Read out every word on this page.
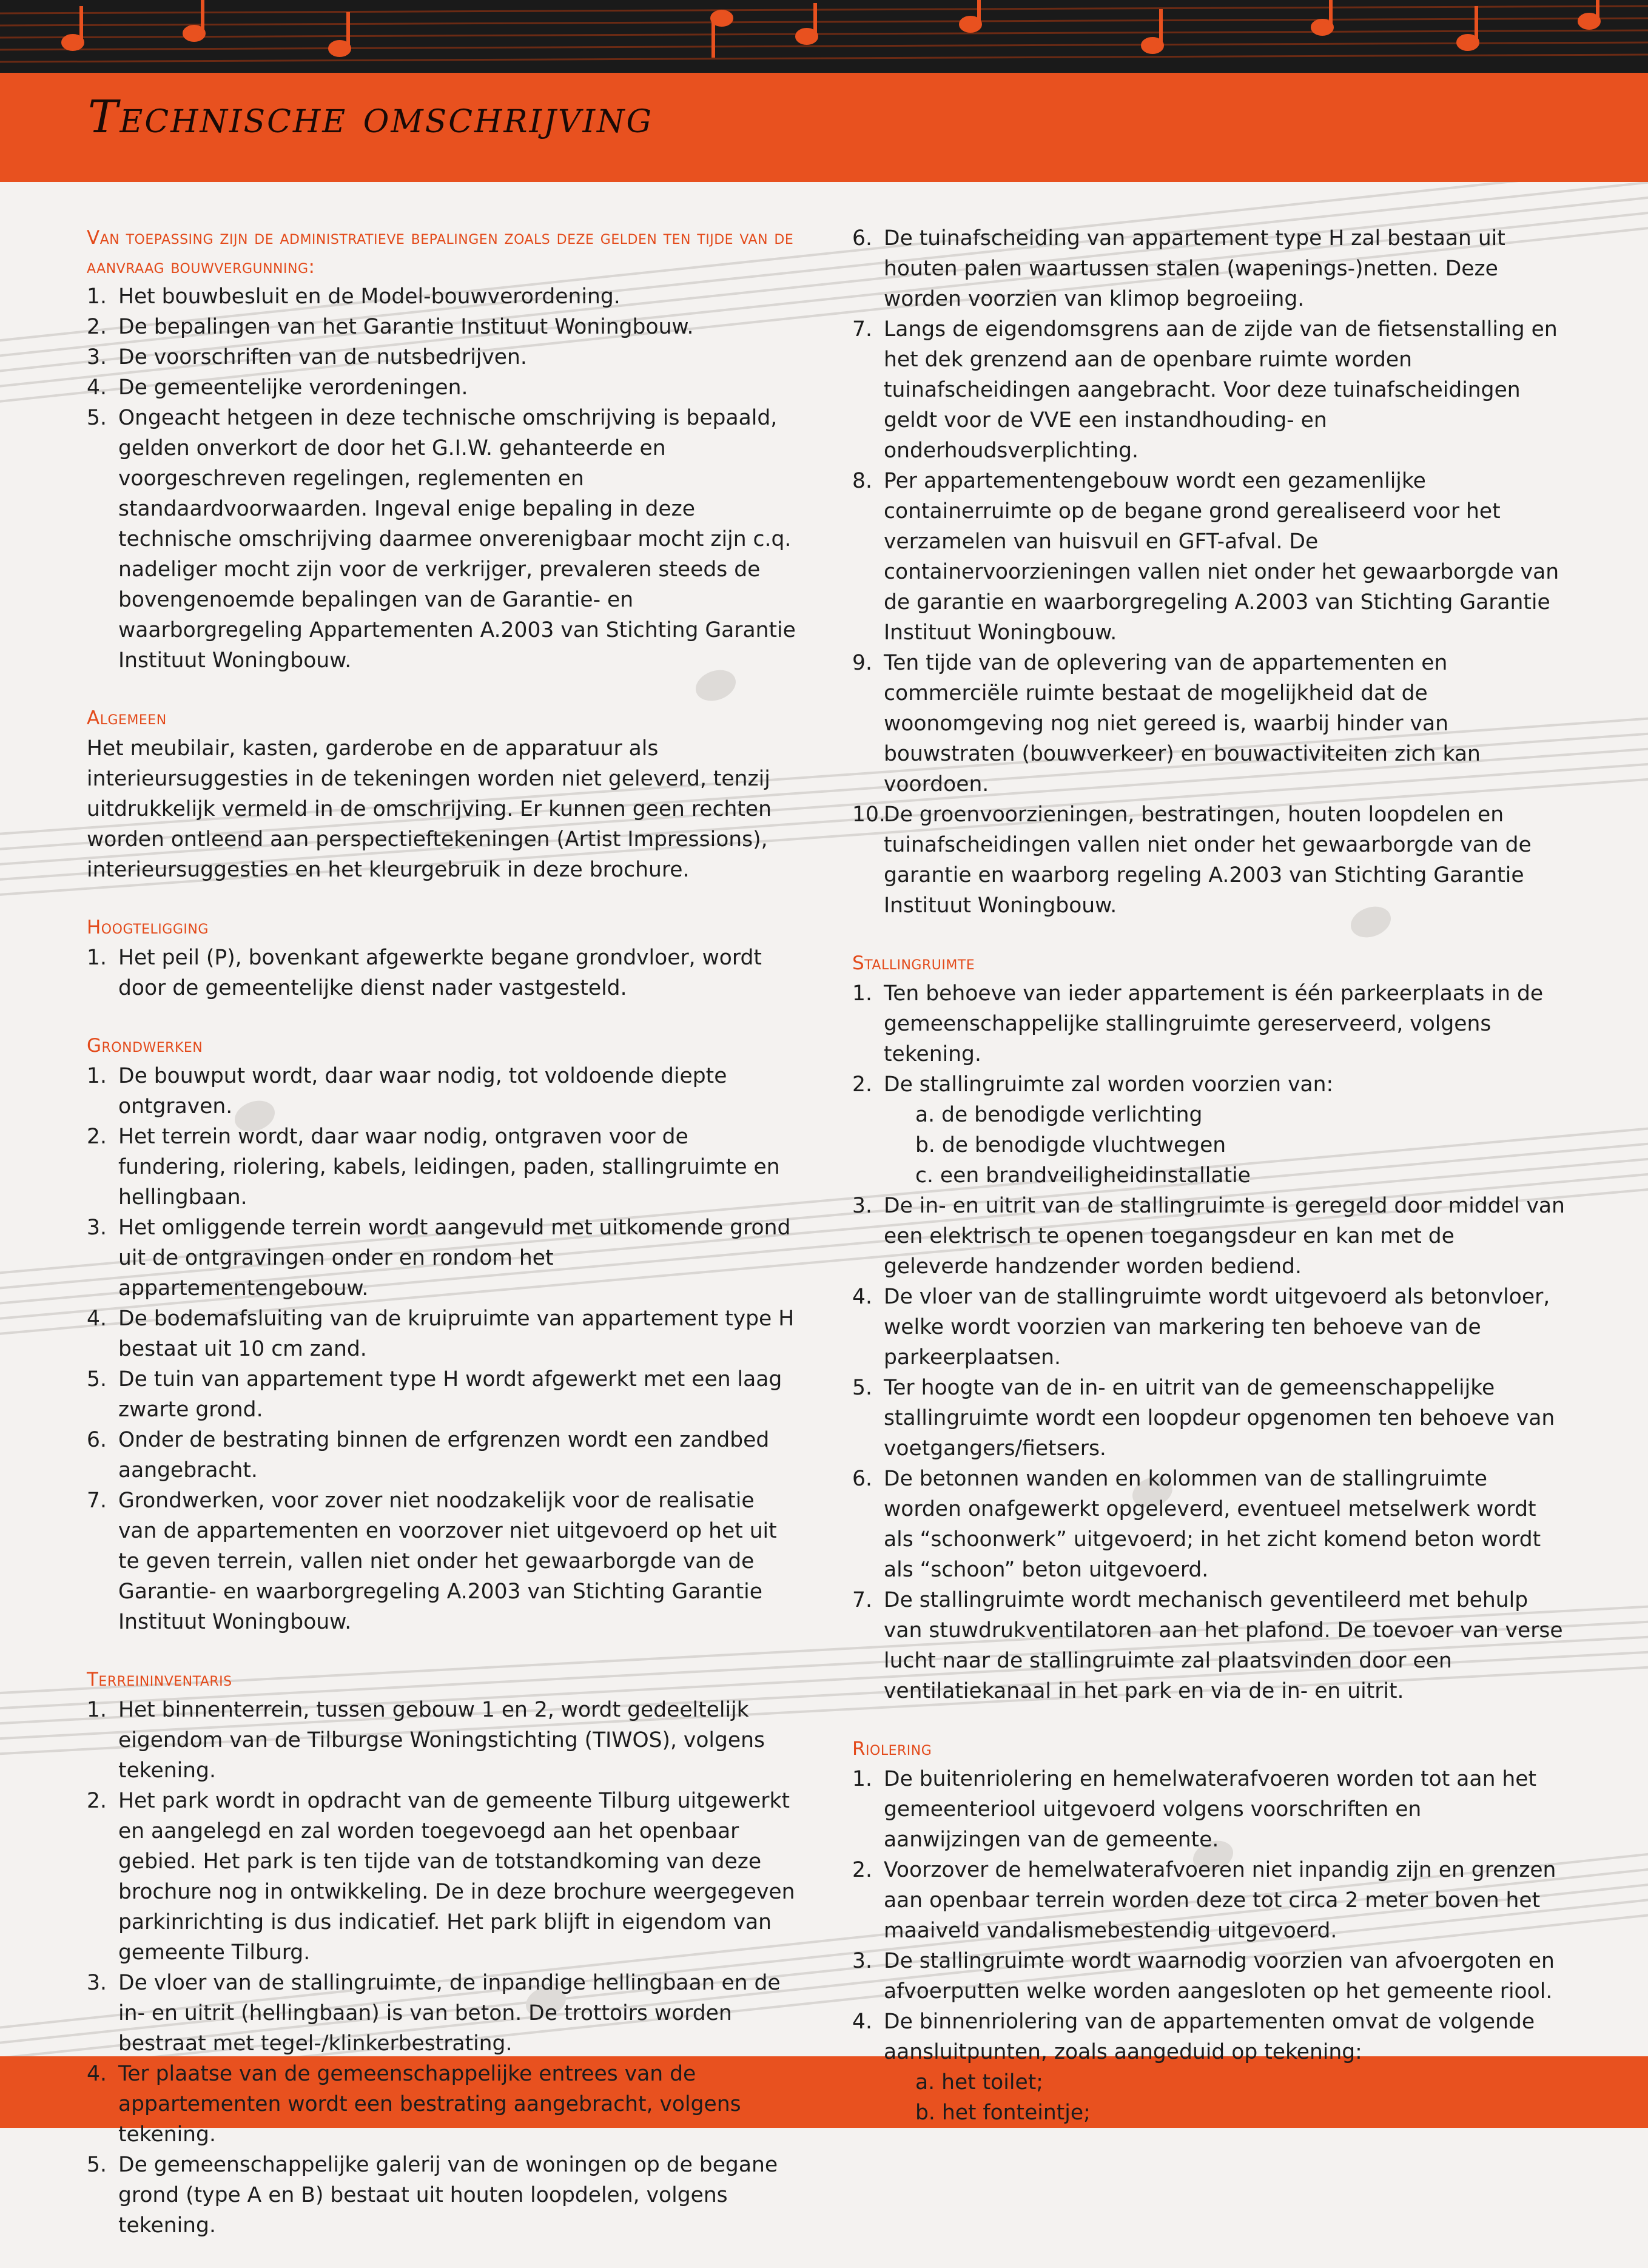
Technische omschrijving
Van toepassing zijn de administratieve bepalingen zoals deze gelden ten tijde van de aanvraag bouwvergunning:
1. Het bouwbesluit en de Model-bouwverordening.
2. De bepalingen van het Garantie Instituut Woningbouw.
3. De voorschriften van de nutsbedrijven.
4. De gemeentelijke verordeningen.
5. Ongeacht hetgeen in deze technische omschrijving is bepaald, gelden onverkort de door het G.I.W. gehanteerde en voorgeschreven regelingen, reglementen en standaardvoorwaarden. Ingeval enige bepaling in deze technische omschrijving daarmee onverenigbaar mocht zijn c.q. nadeliger mocht zijn voor de verkrijger, prevaleren steeds de bovengenoemde bepalingen van de Garantie- en waarborgregeling Appartementen A.2003 van Stichting Garantie Instituut Woningbouw.
Algemeen

Het meubilair, kasten, garderobe en de apparatuur als interieursuggesties in de tekeningen worden niet geleverd, tenzij uitdrukkelijk vermeld in de omschrijving. Er kunnen geen rechten worden ontleend aan perspectieftekeningen (Artist Impressions), interieursuggesties en het kleurgebruik in deze brochure.

Hoogteligging
1. Het peil (P), bovenkant afgewerkte begane grondvloer, wordt door de gemeentelijke dienst nader vastgesteld.
Grondwerken
1. De bouwput wordt, daar waar nodig, tot voldoende diepte ontgraven.
2. Het terrein wordt, daar waar nodig, ontgraven voor de fundering, riolering, kabels, leidingen, paden, stallingruimte en hellingbaan.
3. Het omliggende terrein wordt aangevuld met uitkomende grond uit de ontgravingen onder en rondom het appartementengebouw.
4. De bodemafsluiting van de kruipruimte van appartement type H bestaat uit 10 cm zand.
5. De tuin van appartement type H wordt afgewerkt met een laag zwarte grond.
6. Onder de bestrating binnen de erfgrenzen wordt een zandbed aangebracht.
7. Grondwerken, voor zover niet noodzakelijk voor de realisatie van de appartementen en voorzover niet uitgevoerd op het uit te geven terrein, vallen niet onder het gewaarborgde van de Garantie- en waarborgregeling A.2003 van Stichting Garantie Instituut Woningbouw.
Terreininventaris
1. Het binnenterrein, tussen gebouw 1 en 2, wordt gedeeltelijk eigendom van de Tilburgse Woningstichting (TIWOS), volgens tekening.
2. Het park wordt in opdracht van de gemeente Tilburg uitgewerkt en aangelegd en zal worden toegevoegd aan het openbaar gebied. Het park is ten tijde van de totstandkoming van deze brochure nog in ontwikkeling. De in deze brochure weergegeven parkinrichting is dus indicatief. Het park blijft in eigendom van gemeente Tilburg.
3. De vloer van de stallingruimte, de inpandige hellingbaan en de in- en uitrit (hellingbaan) is van beton. De trottoirs worden bestraat met tegel-/klinkerbestrating.
4. Ter plaatse van de gemeenschappelijke entrees van de appartementen wordt een bestrating aangebracht, volgens tekening.
5. De gemeenschappelijke galerij van de woningen op de begane grond (type A en B) bestaat uit houten loopdelen, volgens tekening.
6. De tuinafscheiding van appartement type H zal bestaan uit houten palen waartussen stalen (wapenings-)netten. Deze worden voorzien van klimop begroeiing.
7. Langs de eigendomsgrens aan de zijde van de fietsenstalling en het dek grenzend aan de openbare ruimte worden tuinafscheidingen aangebracht. Voor deze tuinafscheidingen geldt voor de VVE een instandhouding- en onderhoudsverplichting.
8. Per appartementengebouw wordt een gezamenlijke containerruimte op de begane grond gerealiseerd voor het verzamelen van huisvuil en GFT-afval. De containervoorzieningen vallen niet onder het gewaarborgde van de garantie en waarborgregeling A.2003 van Stichting Garantie Instituut Woningbouw.
9. Ten tijde van de oplevering van de appartementen en commerciële ruimte bestaat de mogelijkheid dat de woonomgeving nog niet gereed is, waarbij hinder van bouwstraten (bouwverkeer) en bouwactiviteiten zich kan voordoen.
10.
De groenvoorzieningen, bestratingen, houten loopdelen en tuinafscheidingen vallen niet onder het gewaarborgde van de garantie en waarborg regeling A.2003 van Stichting Garantie Instituut Woningbouw.
Stallingruimte
1. Ten behoeve van ieder appartement is één parkeerplaats in de gemeenschappelijke stallingruimte gereserveerd, volgens tekening.
2. De stallingruimte zal worden voorzien van:
a. de benodigde verlichting
b. de benodigde vluchtwegen
c. een brandveiligheidinstallatie
3. De in- en uitrit van de stallingruimte is geregeld door middel van een elektrisch te openen toegangsdeur en kan met de geleverde handzender worden bediend.
4. De vloer van de stallingruimte wordt uitgevoerd als betonvloer, welke wordt voorzien van markering ten behoeve van de parkeerplaatsen.
5. Ter hoogte van de in- en uitrit van de gemeenschappelijke stallingruimte wordt een loopdeur opgenomen ten behoeve van voetgangers/fietsers.
6. De betonnen wanden en kolommen van de stallingruimte worden onafgewerkt opgeleverd, eventueel metselwerk wordt als “schoonwerk” uitgevoerd; in het zicht komend beton wordt als “schoon” beton uitgevoerd.
7. De stallingruimte wordt mechanisch geventileerd met behulp van stuwdrukventilatoren aan het plafond. De toevoer van verse lucht naar de stallingruimte zal plaatsvinden door een ventilatiekanaal in het park en via de in- en uitrit.
Riolering
1. De buitenriolering en hemelwaterafvoeren worden tot aan het gemeenteriool uitgevoerd volgens voorschriften en aanwijzingen van de gemeente.
2. Voorzover de hemelwaterafvoeren niet inpandig zijn en grenzen aan openbaar terrein worden deze tot circa 2 meter boven het maaiveld vandalismebestendig uitgevoerd.
3. De stallingruimte wordt waarnodig voorzien van afvoergoten en afvoerputten welke worden aangesloten op het gemeente riool.
4. De binnenriolering van de appartementen omvat de volgende aansluitpunten, zoals aangeduid op tekening:
a. het toilet;
b. het fonteintje;
